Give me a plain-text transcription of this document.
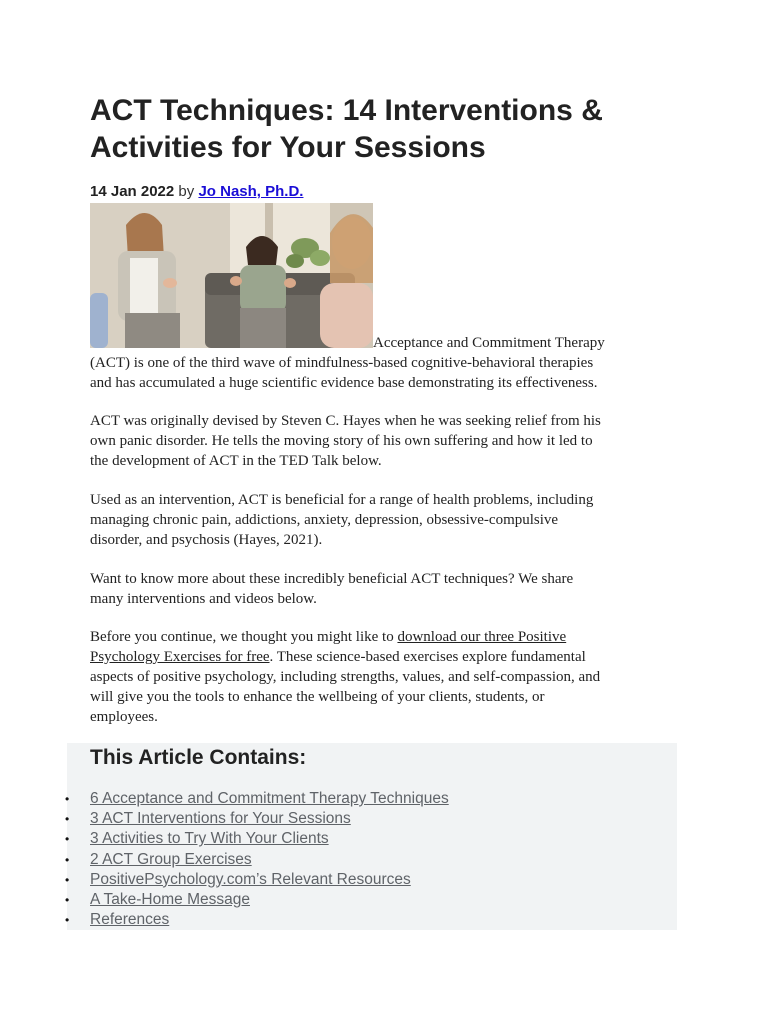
ACT Techniques: 14 Interventions & Activities for Your Sessions
14 Jan 2022 by Jo Nash, Ph.D.
Acceptance and Commitment Therapy

(ACT) is one of the third wave of mindfulness-based cognitive-behavioral therapies
and has accumulated a huge scientific evidence base demonstrating its effectiveness.

ACT was originally devised by Steven C. Hayes when he was seeking relief from his
own panic disorder. He tells the moving story of his own suffering and how it led to
the development of ACT in the TED Talk below.

Used as an intervention, ACT is beneficial for a range of health problems, including
managing chronic pain, addictions, anxiety, depression, obsessive-compulsive
disorder, and psychosis (Hayes, 2021).

Want to know more about these incredibly beneficial ACT techniques? We share
many interventions and videos below.

Before you continue, we thought you might like to download our three Positive
Psychology Exercises for free. These science-based exercises explore fundamental
aspects of positive psychology, including strengths, values, and self-compassion, and
will give you the tools to enhance the wellbeing of your clients, students, or
employees.

This Article Contains:
• 6 Acceptance and Commitment Therapy Techniques
• 3 ACT Interventions for Your Sessions
• 3 Activities to Try With Your Clients
• 2 ACT Group Exercises
• PositivePsychology.com’s Relevant Resources
• A Take-Home Message
• References
